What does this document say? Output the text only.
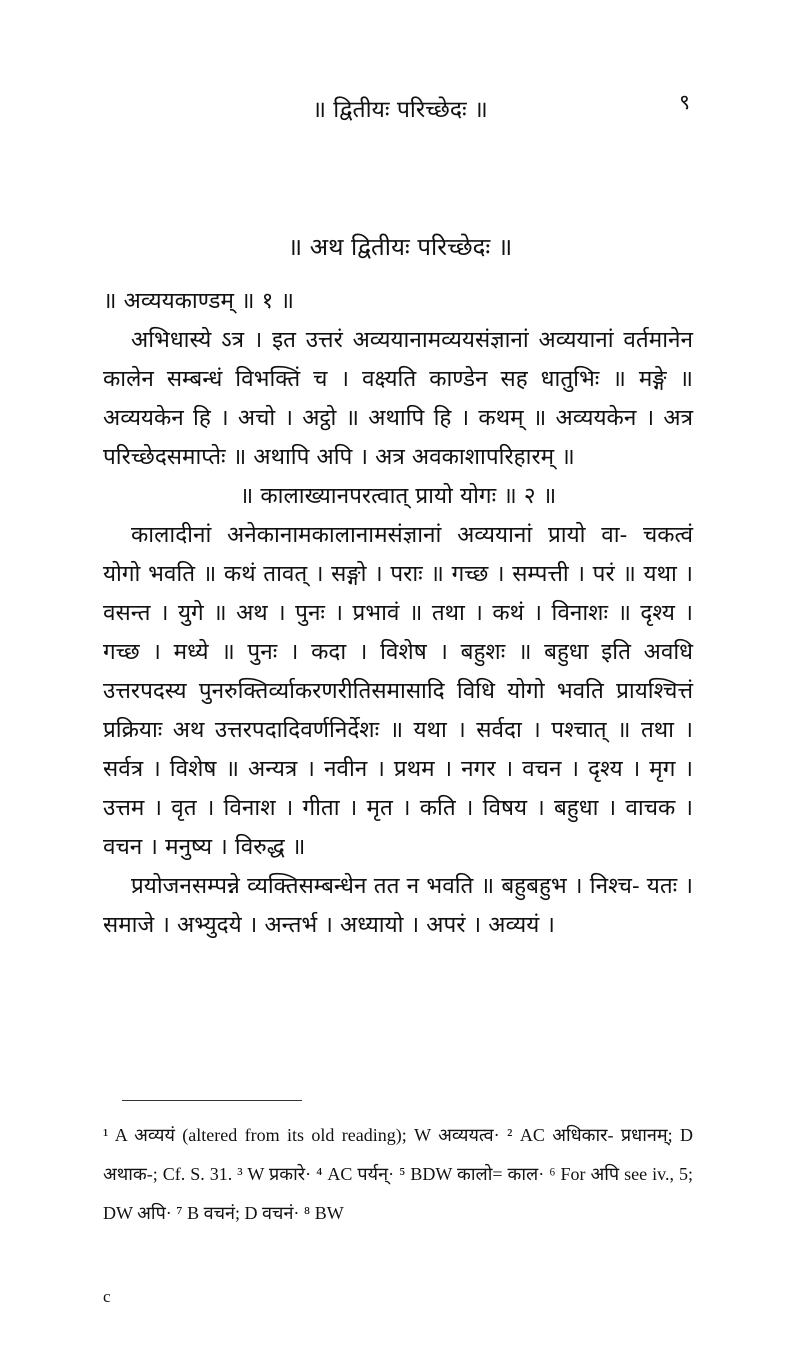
॥ द्वितीयः परिच्छेदः ॥	९
॥ अथ द्वितीयः परिच्छेदः ॥

॥ अव्ययकाण्डम् ॥ १ ॥

अभिधास्ये ऽत्र । इत उत्तरं अव्ययानामव्ययसंज्ञानां अव्ययानां वर्तमानेन कालेन सम्बन्धं विभक्तिं च । वक्ष्यति काण्डेन सह धातुभिः ॥ मङ्गे ॥ अव्ययकेन हि । अचो । अट्ठो ॥ अथापि हि । कथम् ॥ अव्ययकेन । अत्र परिच्छेदसमाप्तेः ॥ अथापि अपि । अत्र अवकाशापरिहारम् ॥

॥ कालाख्यानपरत्वात् प्रायो योगः ॥ २ ॥

कालादीनां अनेकानामकालानामसंज्ञानां अव्ययानां प्रायो वा- चकत्वं योगो भवति ॥ कथं तावत् । सङ्गो । पराः ॥ गच्छ । सम्पत्ती । परं ॥ यथा । वसन्त । युगे ॥ अथ । पुनः । प्रभावं ॥ तथा । कथं । विनाशः ॥ दृश्य । गच्छ । मध्ये ॥ पुनः । कदा । विशेष । बहुशः ॥ बहुधा इति अवधि उत्तरपदस्य पुनरुक्तिर्व्याकरणरीतिसमासादि विधि योगो भवति प्रायश्चित्तं प्रक्रियाः अथ उत्तरपदादिवर्णनिर्देशः ॥ यथा । सर्वदा । पश्चात् ॥ तथा । सर्वत्र । विशेष ॥ अन्यत्र । नवीन । प्रथम । नगर । वचन । दृश्य । मृग । उत्तम । वृत । विनाश । गीता । मृत । कति । विषय । बहुधा । वाचक । वचन । मनुष्य । विरुद्ध ॥

प्रयोजनसम्पन्ने व्यक्तिसम्बन्धेन तत न भवति ॥ बहुबहुभ । निश्च- यतः । समाजे । अभ्युदये । अन्तर्भ । अध्यायो । अपरं । अव्ययं ।

¹ A अव्ययं (altered from its old reading); W अव्ययत्व· ² AC अधिकार- प्रधानम्; D अथाक-; Cf. S. 31. ³ W प्रकारे· ⁴ AC पर्यन्· ⁵ BDW कालो= काल· ⁶ For अपि see iv., 5; DW अपि· ⁷ B वचनं; D वचनं· ⁸ BW

c
